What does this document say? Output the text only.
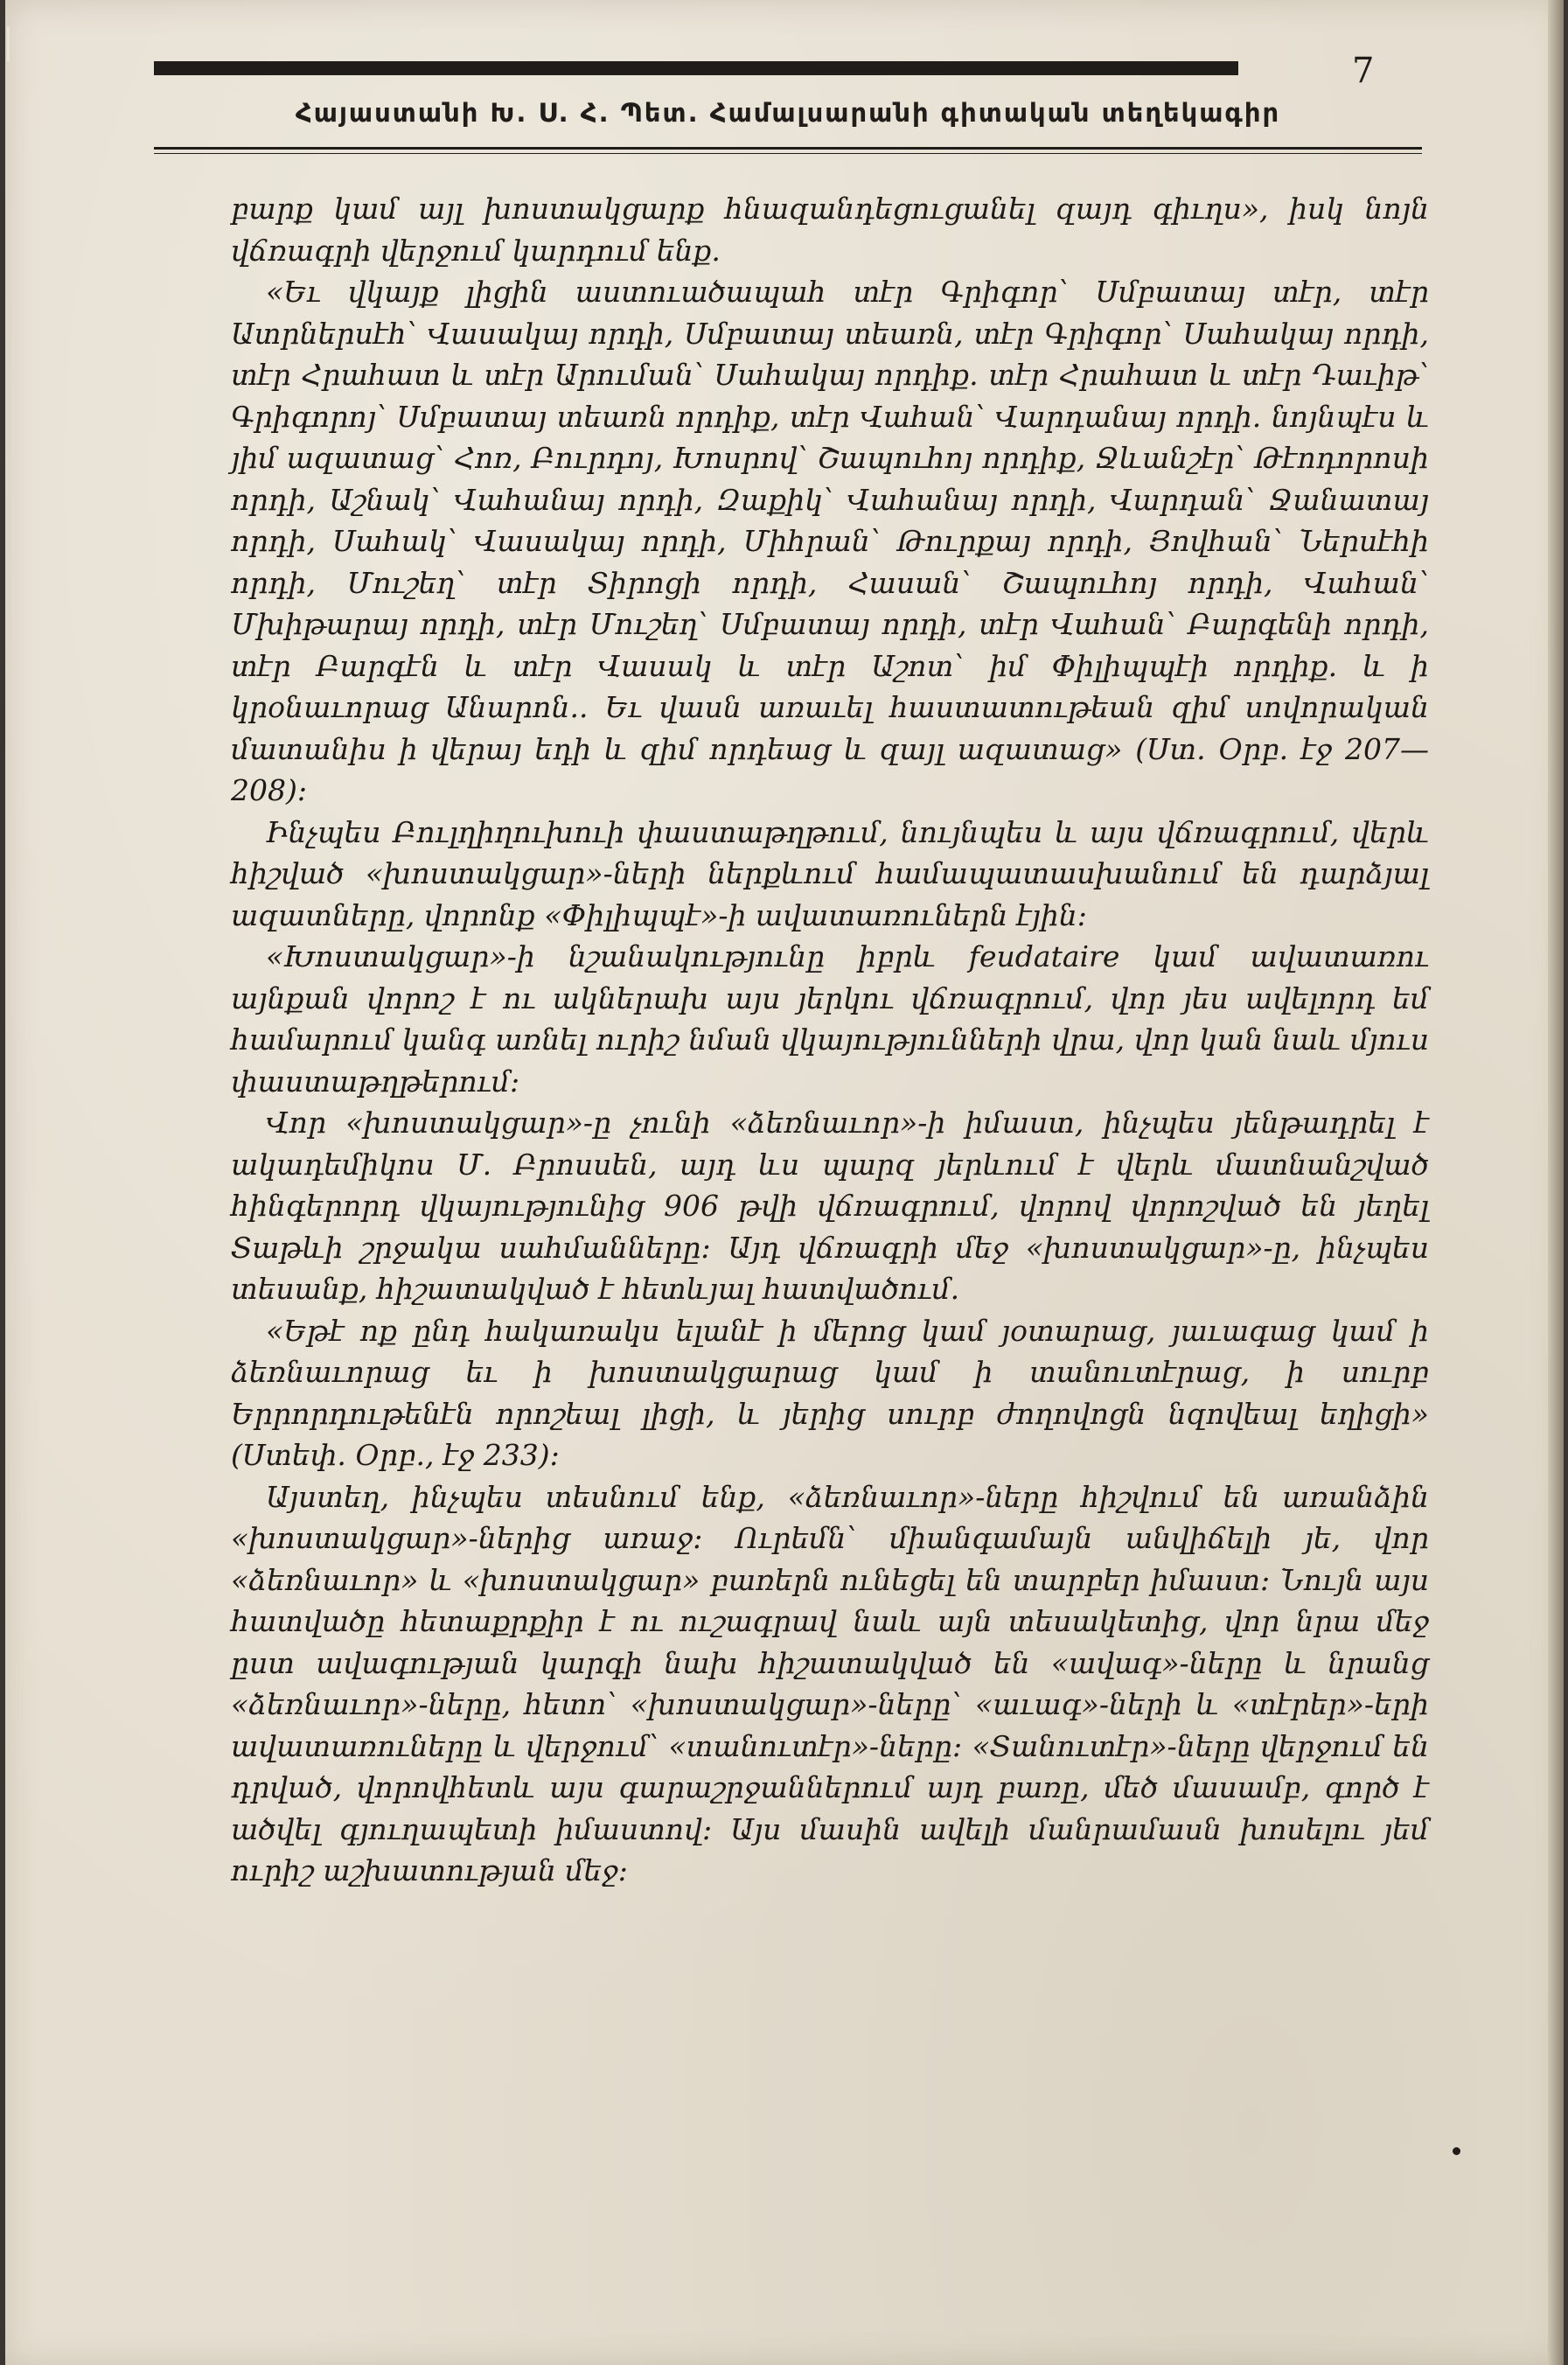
7
Հայաստանի Խ. Ս. Հ. Պետ. Համալսարանի գիտական տեղեկագիր

բարք կամ այլ խոստակցարք հնազանդեցուցանել զայդ գիւղս», իսկ նոյն վճռագրի վերջում կարդում ենք.

«Եւ վկայք լիցին աստուածապահ տէր Գրիգոր՝ Սմբատայ տէր, տէր Ատրներսէհ՝ Վասակայ որդի, Սմբատայ տեառն, տէր Գրիգոր՝ Սահակայ որդի, տէր Հրահատ և տէր Արուման՝ Սահակայ որդիք. տէր Հրահատ և տէր Դաւիթ՝ Գրիգորոյ՝ Սմբատայ տեառն որդիք, տէր Վահան՝ Վարդանայ որդի. նոյնպէս և յիմ ազատաց՝ Հոռ, Բուրդոյ, Խոսրով՝ Շապուհոյ որդիք, Ջևանշէր՝ Թէոդորոսի որդի, Աշնակ՝ Վահանայ որդի, Զաքիկ՝ Վահանայ որդի, Վարդան՝ Ջանատայ որդի, Սահակ՝ Վասակայ որդի, Միհրան՝ Թուրքայ որդի, Յովհան՝ Ներսէհի որդի, Մուշեղ՝ տէր Տիրոցի որդի, Հասան՝ Շապուհոյ որդի, Վահան՝ Մխիթարայ որդի, տէր Մուշեղ՝ Սմբատայ որդի, տէր Վահան՝ Բարգենի որդի, տէր Բարգէն և տէր Վասակ և տէր Աշոտ՝ իմ Փիլիպպէի որդիք. և ի կրօնաւորաց Անարոն.. Եւ վասն առաւել հաստատութեան զիմ սովորական մատանիս ի վերայ եդի և զիմ որդեաց և զայլ ազատաց» (Ստ. Օրբ. էջ 207—208)։

Ինչպես Բուլղիղուխուի փաստաթղթում, նույնպես և այս վճռագրում, վերև հիշված «խոստակցար»-ների ներքևում համապատասխանում են դարձյալ ազատները, վորոնք «Փիլիպպէ»-ի ավատառուներն էյին։

«Խոստակցար»-ի նշանակությունը իբրև feudataire կամ ավատառու այնքան վորոշ է ու ակներախ այս յերկու վճռագրում, վոր յես ավելորդ եմ համարում կանգ առնել ուրիշ նման վկայությունների վրա, վոր կան նաև մյուս փաստաթղթերում։

Վոր «խոստակցար»-ը չունի «ձեռնաւոր»-ի իմաստ, ինչպես յենթադրել է ակադեմիկոս Մ. Բրոսսեն, այդ ևս պարզ յերևում է վերև մատնանշված հինգերորդ վկայությունից 906 թվի վճռագրում, վորով վորոշված են յեղել Տաթևի շրջակա սահմանները։ Այդ վճռագրի մեջ «խոստակցար»-ը, ինչպես տեսանք, հիշատակված է հետևյալ հատվածում.

«Եթէ ոք ընդ հակառակս ելանէ ի մերոց կամ յօտարաց, յաւագաց կամ ի ձեռնաւորաց եւ ի խոստակցարաց կամ ի տանուտէրաց, ի սուրբ Երրորդութենէն որոշեալ լիցի, և յերից սուրբ ժողովոցն նզովեալ եղիցի» (Ստեփ. Օրբ., էջ 233)։

Այստեղ, ինչպես տեսնում ենք, «ձեռնաւոր»-ները հիշվում են առանձին «խոստակցար»-ներից առաջ։ Ուրեմն՝ միանգամայն անվիճելի յե, վոր «ձեռնաւոր» և «խոստակցար» բառերն ունեցել են տարբեր իմաստ։ Նույն այս հատվածը հետաքրքիր է ու ուշագրավ նաև այն տեսակետից, վոր նրա մեջ ըստ ավագության կարգի նախ հիշատակված են «ավագ»-ները և նրանց «ձեռնաւոր»-ները, հետո՝ «խոստակցար»-ները՝ «աւագ»-ների և «տէրեր»-երի ավատառուները և վերջում՝ «տանուտէր»-ները։ «Տանուտէր»-ները վերջում են դրված, վորովհետև այս գարաշրջաններում այդ բառը, մեծ մասամբ, գործ է ածվել գյուղապետի իմաստով։ Այս մասին ավելի մանրամասն խոսելու յեմ ուրիշ աշխատության մեջ։
